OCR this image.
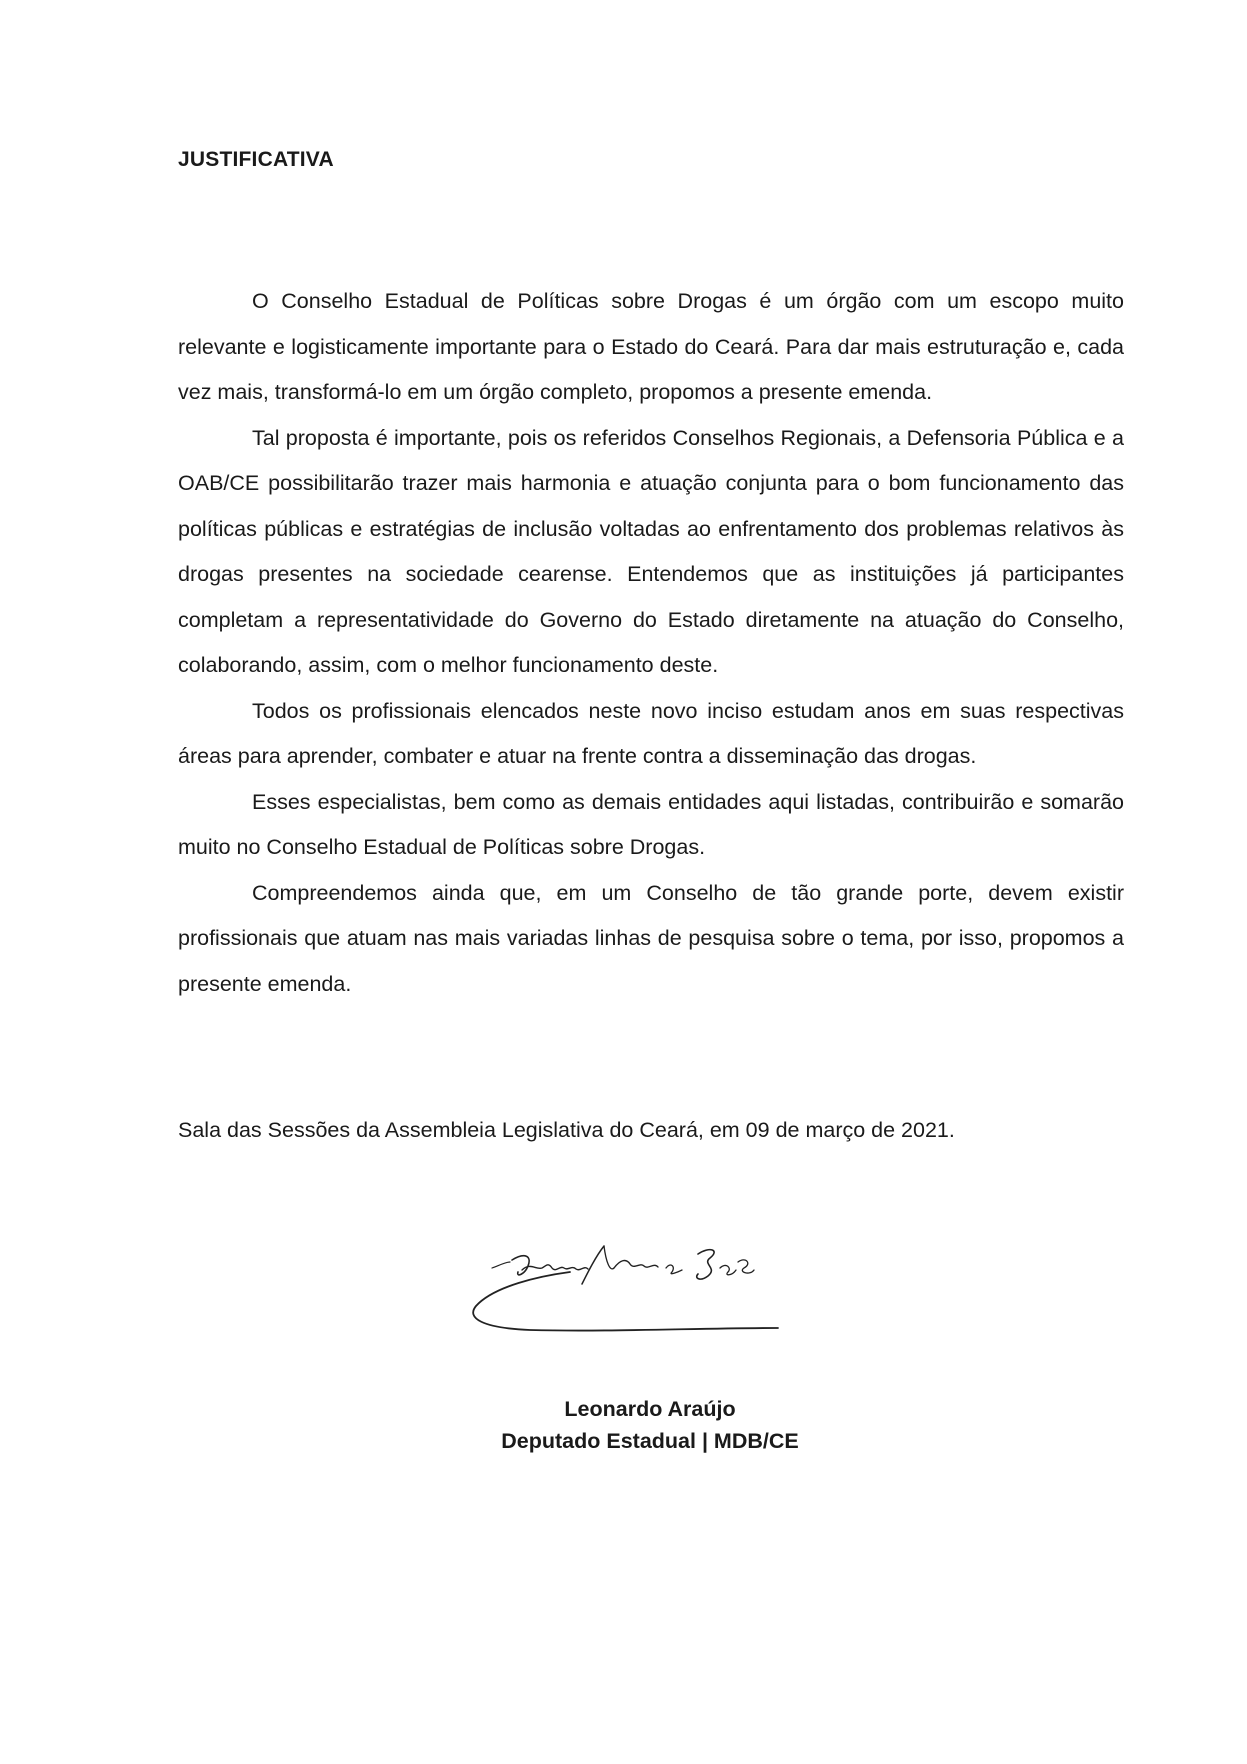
JUSTIFICATIVA

O Conselho Estadual de Políticas sobre Drogas é um órgão com um escopo muito relevante e logisticamente importante para o Estado do Ceará. Para dar mais estruturação e, cada vez mais, transformá-lo em um órgão completo, propomos a presente emenda.

Tal proposta é importante, pois os referidos Conselhos Regionais, a Defensoria Pública e a OAB/CE possibilitarão trazer mais harmonia e atuação conjunta para o bom funcionamento das políticas públicas e estratégias de inclusão voltadas ao enfrentamento dos problemas relativos às drogas presentes na sociedade cearense. Entendemos que as instituições já participantes completam a representatividade do Governo do Estado diretamente na atuação do Conselho, colaborando, assim, com o melhor funcionamento deste.

Todos os profissionais elencados neste novo inciso estudam anos em suas respectivas áreas para aprender, combater e atuar na frente contra a disseminação das drogas.

Esses especialistas, bem como as demais entidades aqui listadas, contribuirão e somarão muito no Conselho Estadual de Políticas sobre Drogas.

Compreendemos ainda que, em um Conselho de tão grande porte, devem existir profissionais que atuam nas mais variadas linhas de pesquisa sobre o tema, por isso, propomos a presente emenda.

Sala das Sessões da Assembleia Legislativa do Ceará, em 09 de março de 2021.
Leonardo Araújo
Deputado Estadual | MDB/CE
